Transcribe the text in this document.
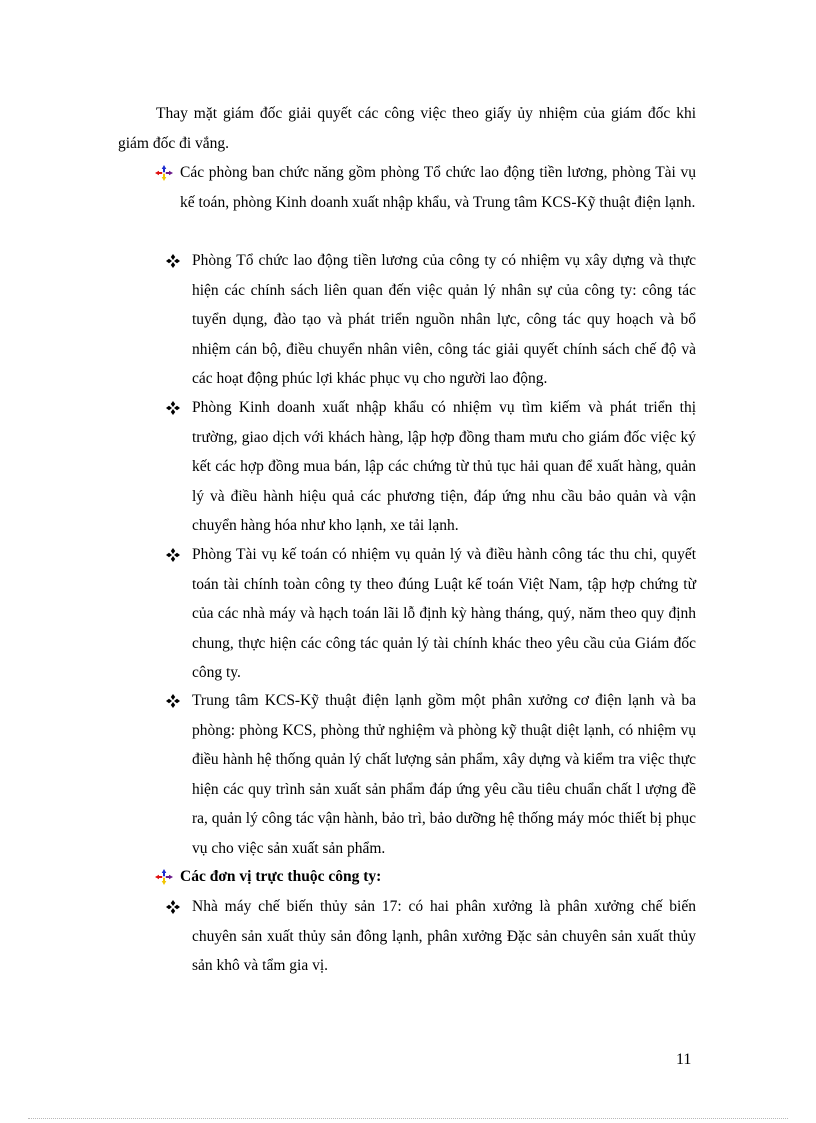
Thay mặt giám đốc giải quyết các công việc theo giấy ủy nhiệm của giám đốc khi giám đốc đi vắng.

Các phòng ban chức năng gồm phòng Tổ chức lao động tiền lương, phòng Tài vụ kế toán, phòng Kinh doanh xuất nhập khẩu, và Trung tâm KCS-Kỹ thuật điện lạnh.
Phòng Tổ chức lao động tiền lương của công ty có nhiệm vụ xây dựng và thực hiện các chính sách liên quan đến việc quản lý nhân sự của công ty: công tác tuyển dụng, đào tạo và phát triển nguồn nhân lực, công tác quy hoạch và bổ nhiệm cán bộ, điều chuyển nhân viên, công tác giải quyết chính sách chế độ và các hoạt động phúc lợi khác phục vụ cho người lao động.
Phòng Kinh doanh xuất nhập khẩu có nhiệm vụ tìm kiếm và phát triển thị trường, giao dịch với khách hàng, lập hợp đồng tham mưu cho giám đốc việc ký kết các hợp đồng mua bán, lập các chứng từ thủ tục hải quan để xuất hàng, quản lý và điều hành hiệu quả các phương tiện, đáp ứng nhu cầu bảo quản và vận chuyển hàng hóa như kho lạnh, xe tải lạnh.
Phòng Tài vụ kế toán có nhiệm vụ quản lý và điều hành công tác thu chi, quyết toán tài chính toàn công ty theo đúng Luật kế toán Việt Nam, tập hợp chứng từ của các nhà máy và hạch toán lãi lỗ định kỳ hàng tháng, quý, năm theo quy định chung, thực hiện các công tác quản lý tài chính khác theo yêu cầu của Giám đốc công ty.
Trung tâm KCS-Kỹ thuật điện lạnh gồm một phân xưởng cơ điện lạnh và ba phòng: phòng KCS, phòng thử nghiệm và phòng kỹ thuật diệt lạnh, có nhiệm vụ điều hành hệ thống quản lý chất lượng sản phẩm, xây dựng và kiểm tra việc thực hiện các quy trình sản xuất sản phẩm đáp ứng yêu cầu tiêu chuẩn chất l ượng đề ra, quản lý công tác vận hành, bảo trì, bảo dưỡng hệ thống máy móc thiết bị phục vụ cho việc sản xuất sản phẩm.
Các đơn vị trực thuộc công ty:
Nhà máy chế biến thủy sản 17: có hai phân xưởng là phân xưởng chế biến chuyên sản xuất thủy sản đông lạnh, phân xưởng Đặc sản chuyên sản xuất thủy sản khô và tẩm gia vị.
11
